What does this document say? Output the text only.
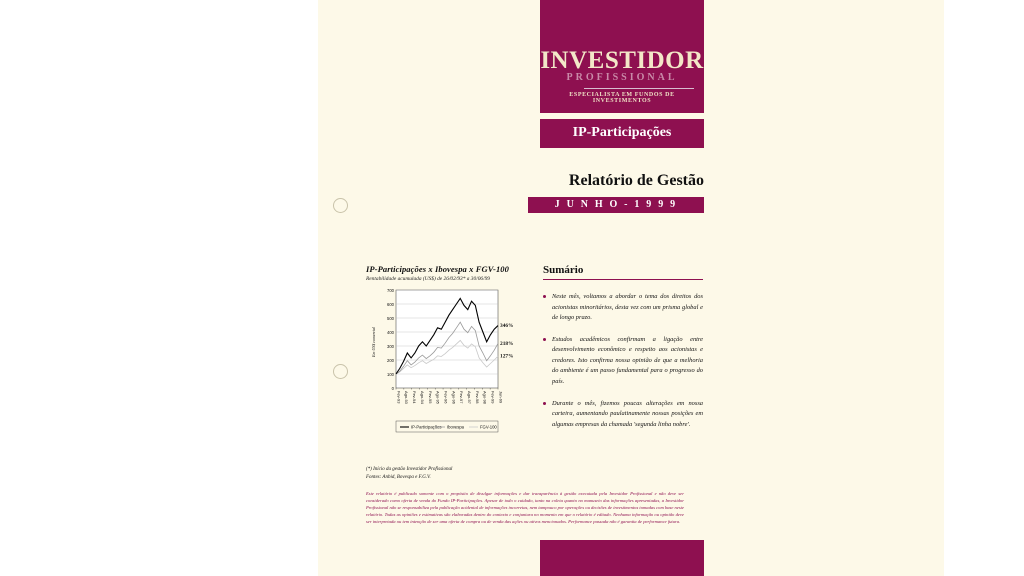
INVESTIDOR
PROFISSIONAL
ESPECIALISTA EM FUNDOS DE INVESTIMENTOS
IP-Participações
Relatório de Gestão
J U N H O - 1 9 9 9
IP-Participações x Ibovespa x FGV-100
Rentabilidade acumulada (US$) de 26/02/93* a 30/06/99
0
100
200
300
400
500
600
700
Em US$ comercial
346%
218%
127%
Fev-93 Ago-93 Fev-94 Ago-94 Fev-95 Ago-95 Fev-96 Ago-96 Fev-97 Ago-97 Fev-98 Ago-98 Fev-99 Jun-99
IP-Participações Ibovespa	FGV-100
(*) Início da gestão Investidor Profissional
Fontes: Anbid, Bovespa e F.G.V.
Este relatório é publicado somente com o propósito de divulgar informações e dar transparência à gestão executada pela Investidor Profissional e não deve ser considerado como oferta de venda do Fundo IP-Participações. Apesar de todo o cuidado, tanto na coleta quanto no manuseio das informações apresentadas, a Investidor Profissional não se responsabiliza pela publicação acidental de informações incorretas, nem tampouco por operações ou decisões de investimentos tomadas com base neste relatório. Todas as opiniões e estimativas são elaboradas dentro do contexto e conjuntura no momento em que o relatório é editado. Nenhuma informação ou opinião deve ser interpretada ou tem intenção de ser uma oferta de compra ou de venda das ações ou ativos mencionados. Performance passada não é garantia de performance futura.
Sumário
Neste mês, voltamos a abordar o tema dos direitos dos acionistas minoritários, desta vez com um prisma global e de longo prazo.
Estudos acadêmicos confirmam a ligação entre desenvolvimento econômico e respeito aos acionistas e credores. Isto confirma nossa opinião de que a melhoria do ambiente é um passo fundamental para o progresso do país.
Durante o mês, fizemos poucas alterações em nossa carteira, aumentando paulatinamente nossas posições em algumas empresas da chamada 'segunda linha nobre'.
